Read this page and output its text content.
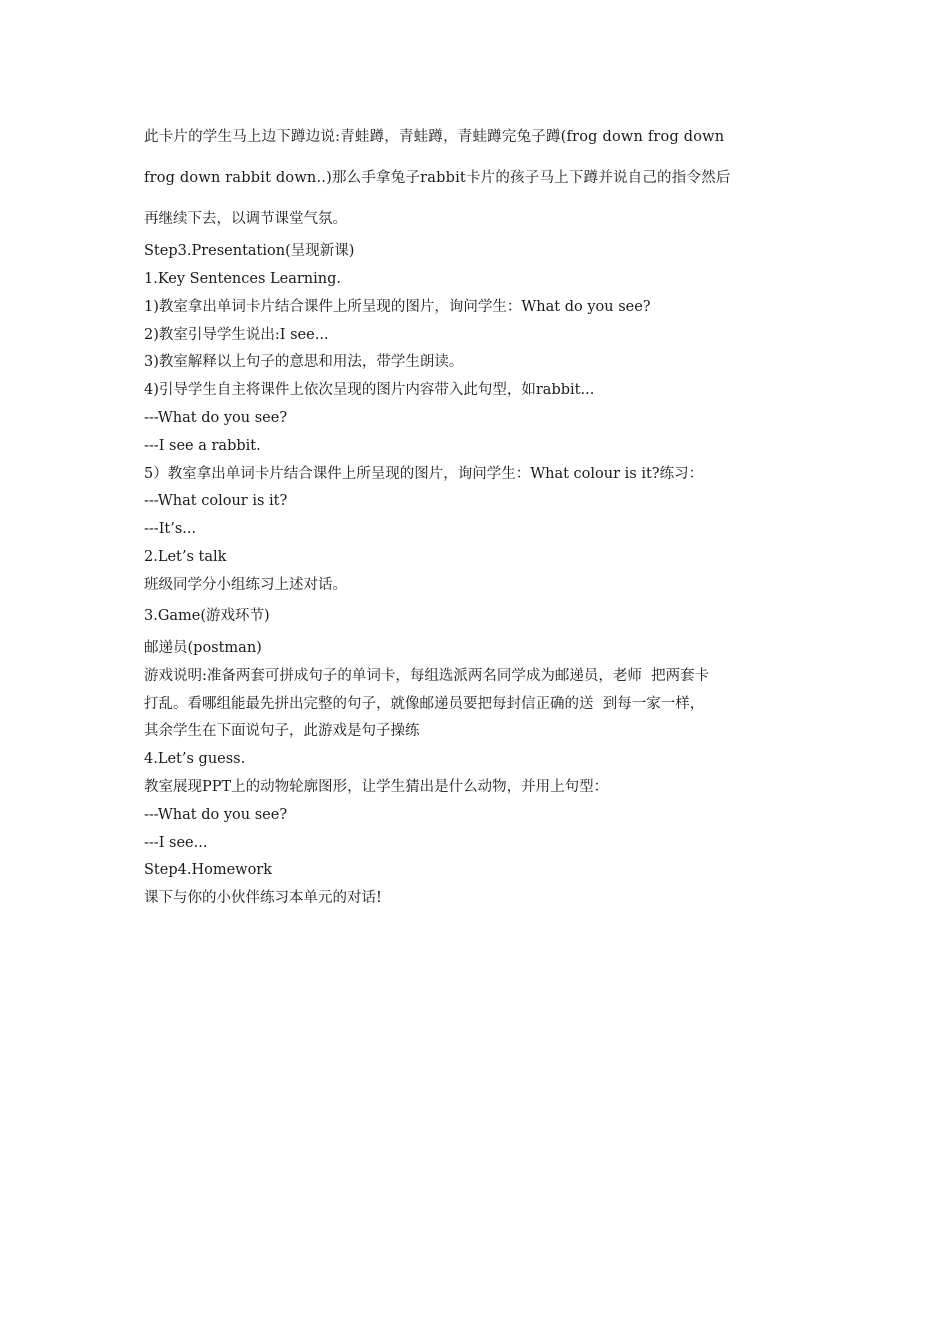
此卡片的学生马上边下蹲边说:青蛙蹲，青蛙蹲，青蛙蹲完兔子蹲(frog down frog down
frog down rabbit down..)那么手拿兔子rabbit卡片的孩子马上下蹲并说自己的指令然后
再继续下去，以调节课堂气氛。
Step3.Presentation(呈现新课)
1.Key Sentences Learning.
1)教室拿出单词卡片结合课件上所呈现的图片，询问学生：What do you see?
2)教室引导学生说出:I see...
3)教室解释以上句子的意思和用法，带学生朗读。
4)引导学生自主将课件上依次呈现的图片内容带入此句型，如rabbit...
---What do you see?
---I see a rabbit.
5）教室拿出单词卡片结合课件上所呈现的图片，询问学生：What colour is it?练习：
---What colour is it?
---It’s...
2.Let’s talk
班级同学分小组练习上述对话。
3.Game(游戏环节)
邮递员(postman)
游戏说明:准备两套可拼成句子的单词卡，每组选派两名同学成为邮递员，老师  把两套卡
打乱。看哪组能最先拼出完整的句子，就像邮递员要把每封信正确的送  到每一家一样，
其余学生在下面说句子，此游戏是句子操练
4.Let’s guess.
教室展现PPT上的动物轮廓图形，让学生猜出是什么动物，并用上句型：
---What do you see?
---I see...
Step4.Homework
课下与你的小伙伴练习本单元的对话!
